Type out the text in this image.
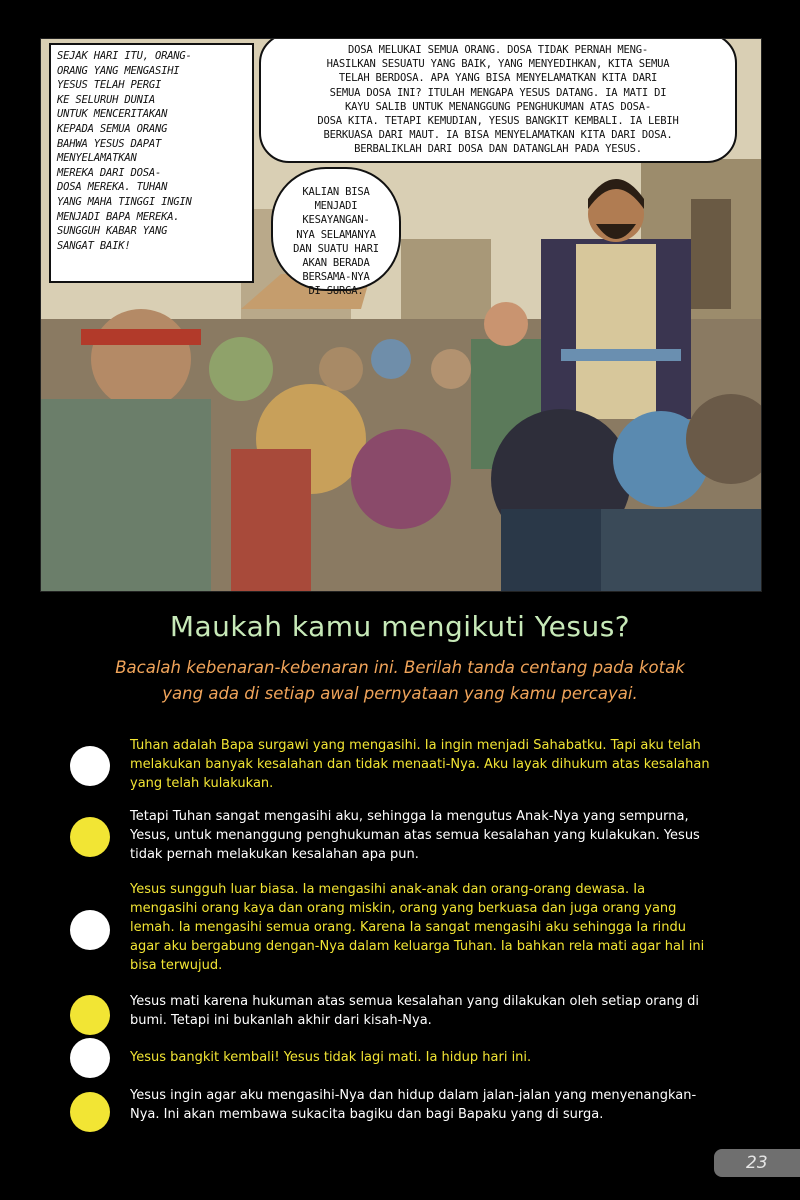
SEJAK HARI ITU, ORANG-
ORANG YANG MENGASIHI
YESUS TELAH PERGI
KE SELURUH DUNIA
UNTUK MENCERITAKAN
KEPADA SEMUA ORANG
BAHWA YESUS DAPAT
MENYELAMATKAN
MEREKA DARI DOSA-
DOSA MEREKA. TUHAN
YANG MAHA TINGGI INGIN
MENJADI BAPA MEREKA.
SUNGGUH KABAR YANG
SANGAT BAIK!
DOSA MELUKAI SEMUA ORANG. DOSA TIDAK PERNAH MENG-
HASILKAN SESUATU YANG BAIK, YANG MENYEDIHKAN, KITA SEMUA
TELAH BERDOSA. APA YANG BISA MENYELAMATKAN KITA DARI
SEMUA DOSA INI? ITULAH MENGAPA YESUS DATANG. IA MATI DI
KAYU SALIB UNTUK MENANGGUNG PENGHUKUMAN ATAS DOSA-
DOSA KITA. TETAPI KEMUDIAN, YESUS BANGKIT KEMBALI. IA LEBIH
BERKUASA DARI MAUT. IA BISA MENYELAMATKAN KITA DARI DOSA.
BERBALIKLAH DARI DOSA DAN DATANGLAH PADA YESUS.
KALIAN BISA
MENJADI
KESAYANGAN-
NYA SELAMANYA
DAN SUATU HARI
AKAN BERADA
BERSAMA-NYA
SURGA.
Maukah kamu mengikuti Yesus?
Bacalah kebenaran-kebenaran ini. Berilah tanda centang pada kotak yang ada di setiap awal pernyataan yang kamu percayai.
Tuhan adalah Bapa surgawi yang mengasihi. Ia ingin menjadi Sahabatku. Tapi aku telah melakukan banyak kesalahan dan tidak menaati-Nya. Aku layak dihukum atas kesalahan yang telah kulakukan.
Tetapi Tuhan sangat mengasihi aku, sehingga Ia mengutus Anak-Nya yang sempurna, Yesus, untuk menanggung penghukuman atas semua kesalahan yang kulakukan. Yesus tidak pernah melakukan kesalahan apa pun.
Yesus sungguh luar biasa. Ia mengasihi anak-anak dan orang-orang dewasa. Ia mengasihi orang kaya dan orang miskin, orang yang berkuasa dan juga orang yang lemah. Ia mengasihi semua orang. Karena Ia sangat mengasihi aku sehingga Ia rindu agar aku bergabung dengan-Nya dalam keluarga Tuhan. Ia bahkan rela mati agar hal ini bisa terwujud.
Yesus mati karena hukuman atas semua kesalahan yang dilakukan oleh setiap orang di bumi. Tetapi ini bukanlah akhir dari kisah-Nya.
Yesus bangkit kembali! Yesus tidak lagi mati. Ia hidup hari ini.
Yesus ingin agar aku mengasihi-Nya dan hidup dalam jalan-jalan yang menyenangkan-Nya. Ini akan membawa sukacita bagiku dan bagi Bapaku yang di surga.
23
